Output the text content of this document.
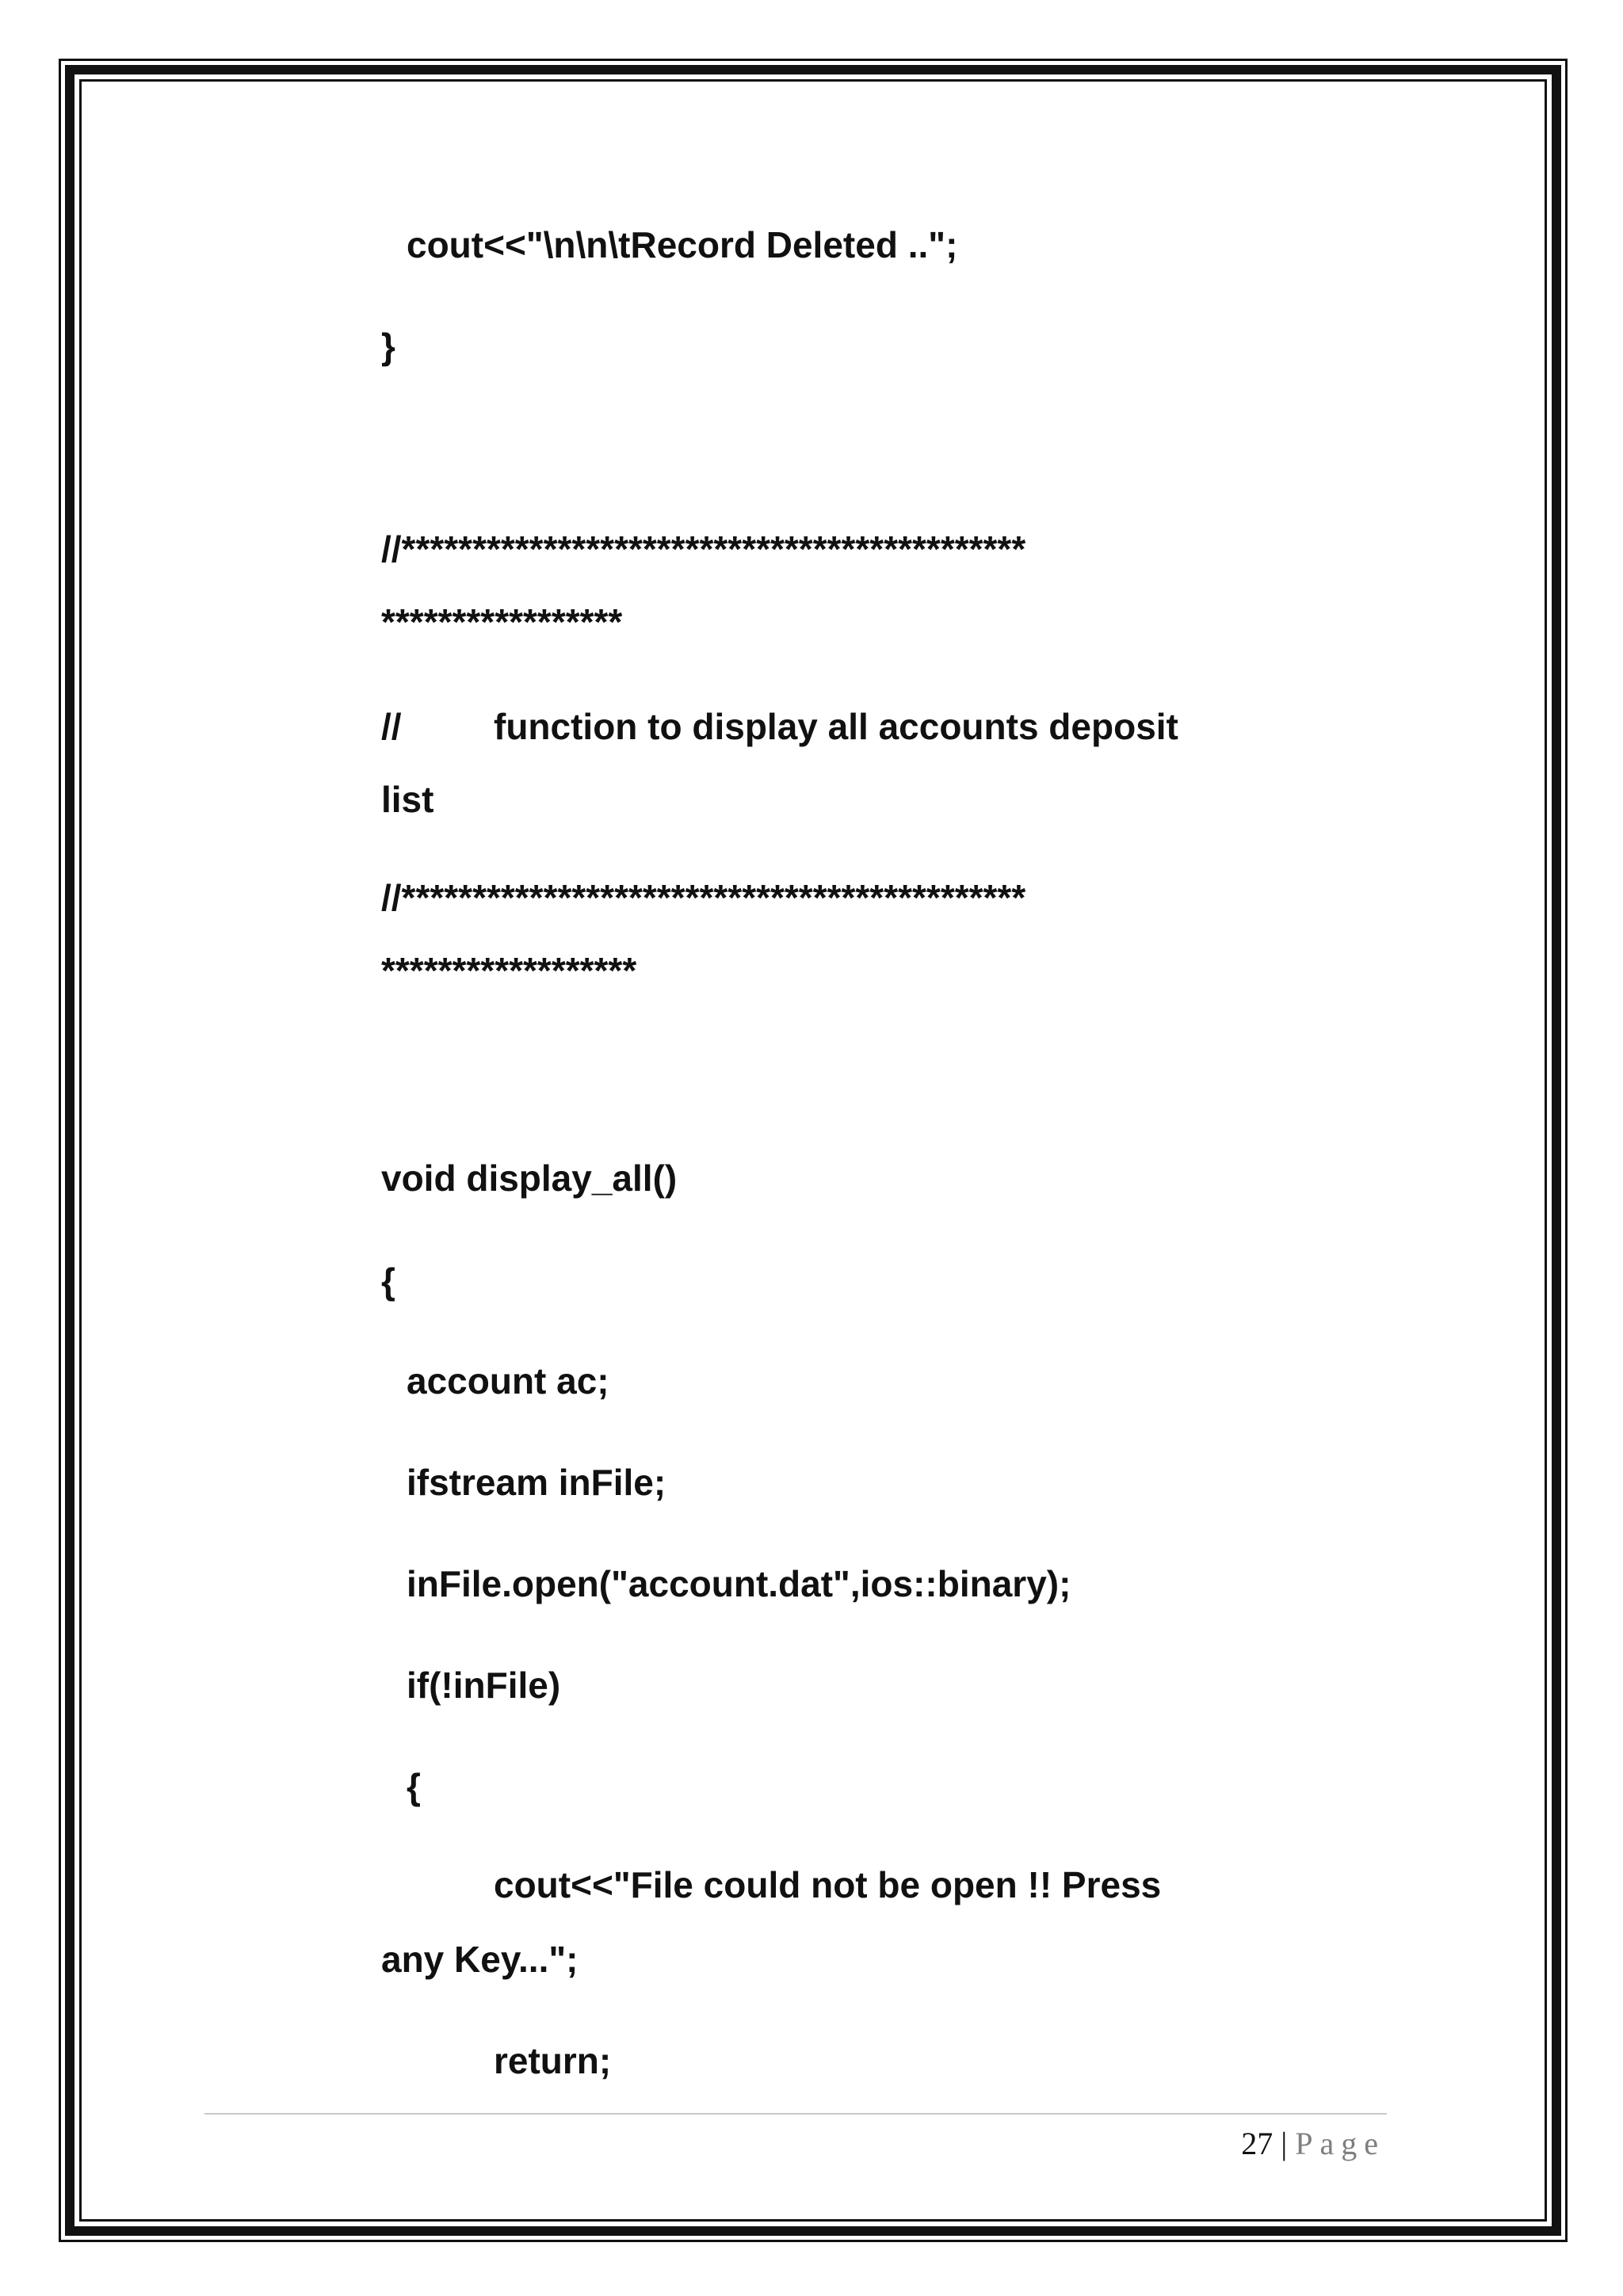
cout<<"\n\n\tRecord Deleted ..";
}
//********************************************
*****************
//	function to display all accounts deposit
list
//********************************************
******************
void display_all()
{
account ac;
ifstream inFile;
inFile.open("account.dat",ios::binary);
if(!inFile)
{
cout<<"File could not be open !! Press
any Key...";
return;
27 | Page
